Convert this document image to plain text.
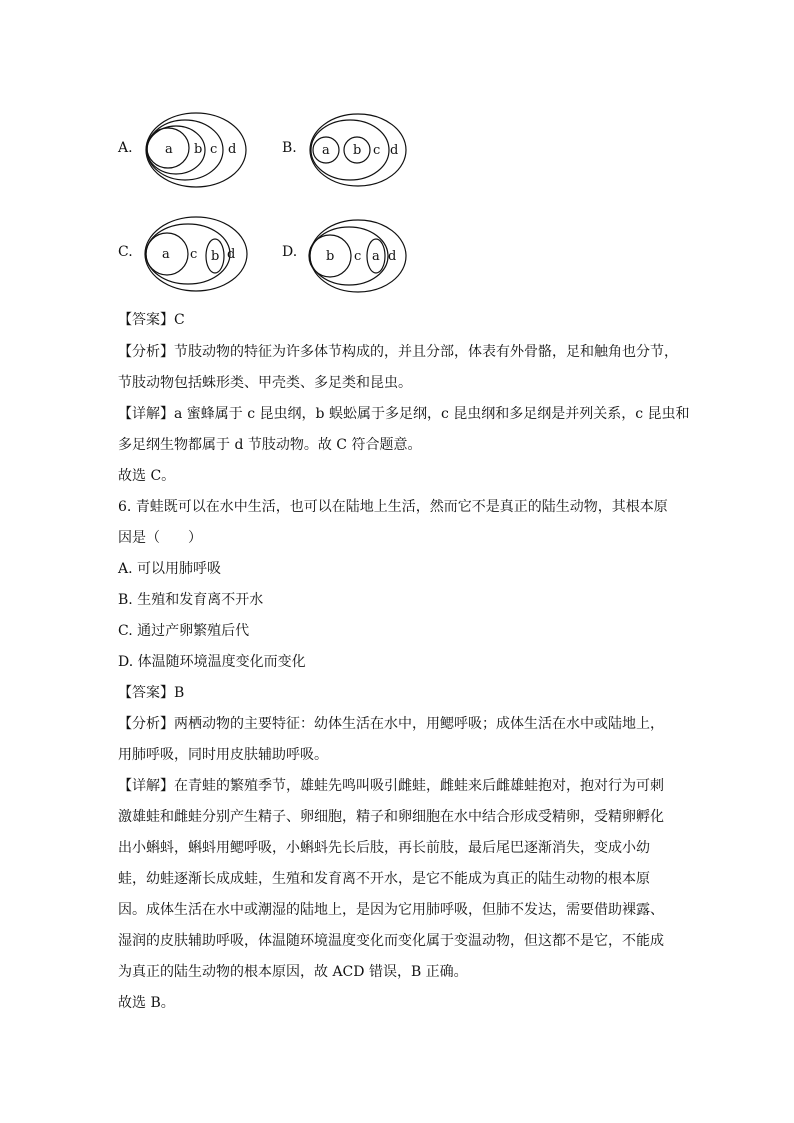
A. a b c d	B. a b c d
C. a c b d	D. b c a d
【答案】C
【分析】节肢动物的特征为许多体节构成的，并且分部，体表有外骨骼，足和触角也分节，
节肢动物包括蛛形类、甲壳类、多足类和昆虫。
【详解】a 蜜蜂属于 c 昆虫纲，b 蜈蚣属于多足纲，c 昆虫纲和多足纲是并列关系，c 昆虫和
多足纲生物都属于 d 节肢动物。故 C 符合题意。
故选 C。
6. 青蛙既可以在水中生活，也可以在陆地上生活，然而它不是真正的陆生动物，其根本原
因是（　　）
A. 可以用肺呼吸
B. 生殖和发育离不开水
C. 通过产卵繁殖后代
D. 体温随环境温度变化而变化
【答案】B
【分析】两栖动物的主要特征：幼体生活在水中，用鳃呼吸；成体生活在水中或陆地上，
用肺呼吸，同时用皮肤辅助呼吸。
【详解】在青蛙的繁殖季节，雄蛙先鸣叫吸引雌蛙，雌蛙来后雌雄蛙抱对，抱对行为可刺
激雄蛙和雌蛙分别产生精子、卵细胞，精子和卵细胞在水中结合形成受精卵，受精卵孵化
出小蝌蚪，蝌蚪用鳃呼吸，小蝌蚪先长后肢，再长前肢，最后尾巴逐渐消失，变成小幼
蛙，幼蛙逐渐长成成蛙，生殖和发育离不开水，是它不能成为真正的陆生动物的根本原
因。成体生活在水中或潮湿的陆地上，是因为它用肺呼吸，但肺不发达，需要借助裸露、
湿润的皮肤辅助呼吸，体温随环境温度变化而变化属于变温动物，但这都不是它，不能成
为真正的陆生动物的根本原因，故 ACD 错误，B 正确。
故选 B。
